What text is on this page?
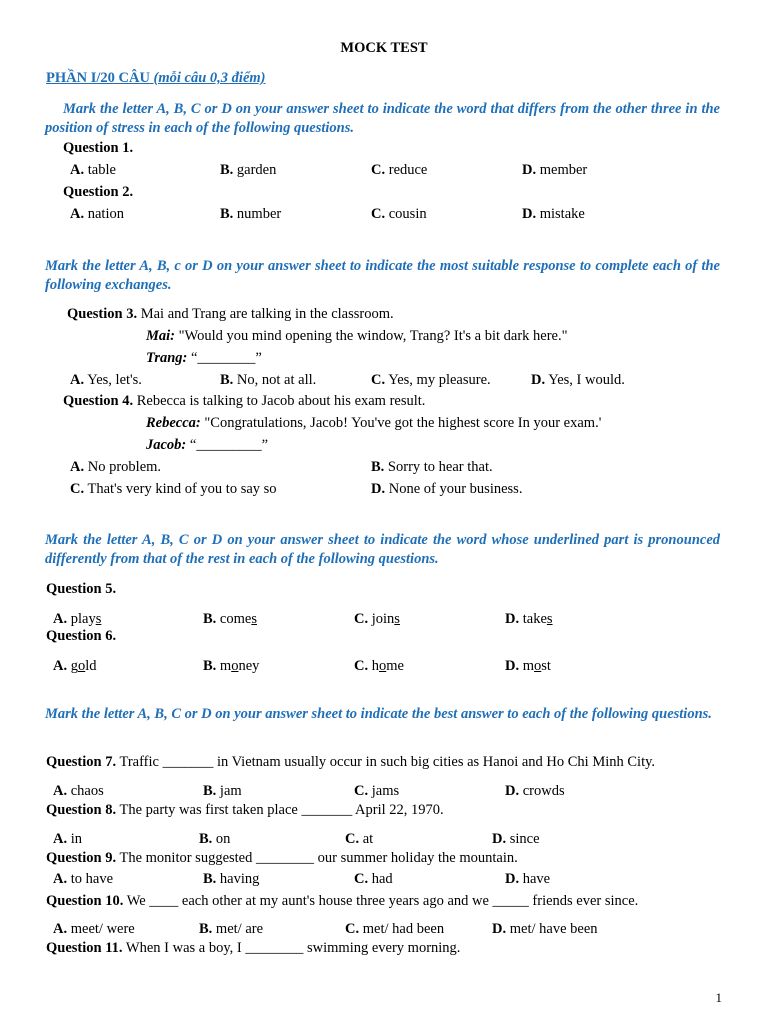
MOCK TEST
PHẦN I/20 CÂU (mỗi câu 0,3 điểm)
Mark the letter A, B, C or D on your answer sheet to indicate the word that differs from the other three in the position of stress in each of the following questions.
Question 1.
A. table	B. garden	C. reduce	D. member
Question 2.
A. nation	B. number	C. cousin	D. mistake
Mark the letter A, B, c or D on your answer sheet to indicate the most suitable response to complete each of the following exchanges.
Question 3. Mai and Trang are talking in the classroom.
Mai: "Would you mind opening the window, Trang? It's a bit dark here."
Trang: “________”
A. Yes, let's.	B. No, not at all.	C. Yes, my pleasure.	D. Yes, I would.
Question 4. Rebecca is talking to Jacob about his exam result.
Rebecca: "Congratulations, Jacob! You've got the highest score In your exam.'
Jacob: “_________”
A. No problem.	B. Sorry to hear that.
C. That's very kind of you to say so	D. None of your business.
Mark the letter A, B, C or D on your answer sheet to indicate the word whose underlined part is pronounced differently from that of the rest in each of the following questions.
Question 5.
A. plays	B. comes	C. joins	D. takes
Question 6.
A. gold	B. money	C. home	D. most
Mark the letter A, B, C or D on your answer sheet to indicate the best answer to each of the following questions.
Question 7. Traffic _______ in Vietnam usually occur in such big cities as Hanoi and Ho Chi Minh City.
A. chaos	B. jam	C. jams	D. crowds
Question 8. The party was first taken place _______ April 22, 1970.
A. in	B. on	C. at	D. since
Question 9. The monitor suggested ________ our summer holiday the mountain.
A. to have	B. having	C. had	D. have
Question 10. We ____ each other at my aunt's house three years ago and we _____ friends ever since.
A. meet/ were	B. met/ are	C. met/ had been	D. met/ have been
Question 11. When I was a boy, I ________ swimming every morning.
1
